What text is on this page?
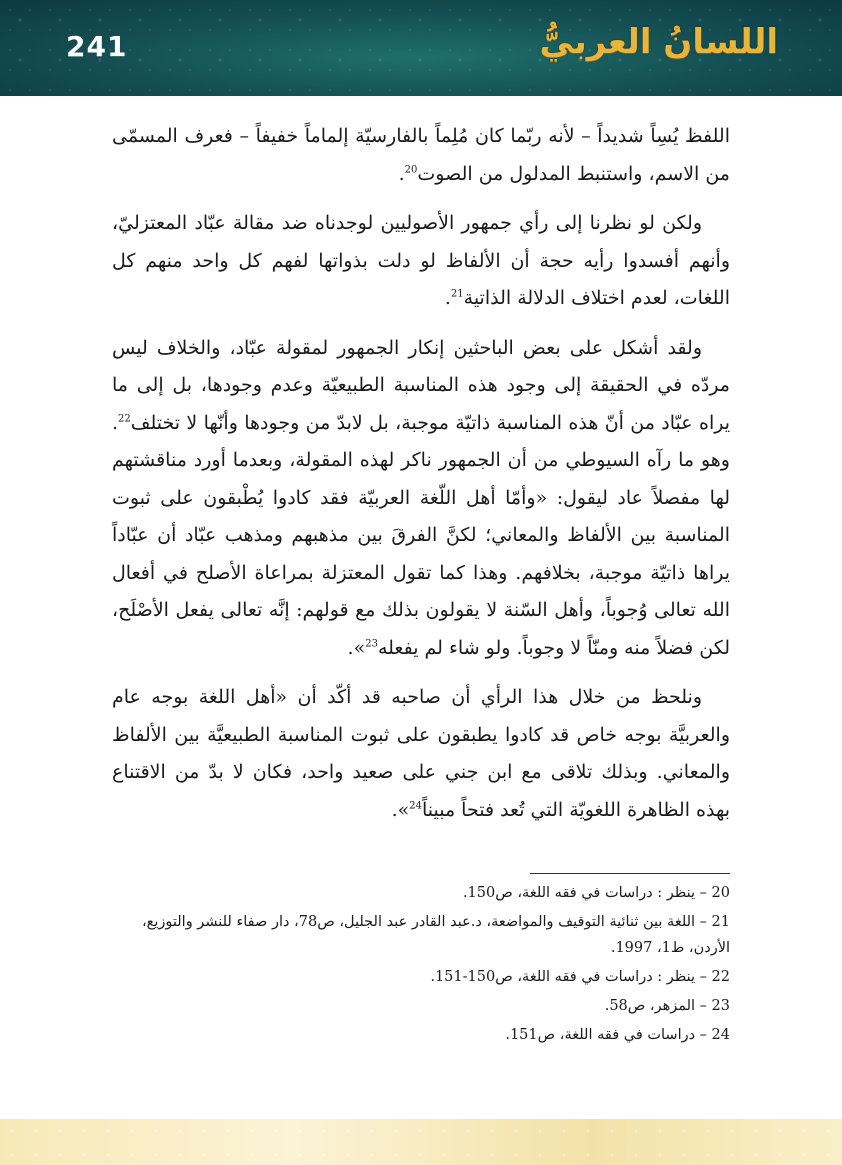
241	اللسانُ العربيُّ

اللفظ يُسِاً شديداً – لأنه ربّما كان مُلِماً بالفارسيّة إلماماً خفيفاً – فعرف المسمّى من الاسم، واستنبط المدلول من الصوت$^{20}$.

ولكن لو نظرنا إلى رأي جمهور الأصوليين لوجدناه ضد مقالة عبّاد المعتزليّ، وأنهم أفسدوا رأيه حجة أن الألفاظ لو دلت بذواتها لفهم كل واحد منهم كل اللغات، لعدم اختلاف الدلالة الذاتية$^{21}$.

ولقد أشكل على بعض الباحثين إنكار الجمهور لمقولة عبّاد، والخلاف ليس مردّه في الحقيقة إلى وجود هذه المناسبة الطبيعيّة وعدم وجودها، بل إلى ما يراه عبّاد من أنّ هذه المناسبة ذاتيّة موجبة، بل لابدّ من وجودها وأنّها لا تختلف$^{22}$. وهو ما رآه السيوطي من أن الجمهور ناكر لهذه المقولة، وبعدما أورد مناقشتهم لها مفصلاً عاد ليقول: «وأمّا أهل اللّغة العربيّة فقد كادوا يُطْبقون على ثبوت المناسبة بين الألفاظ والمعاني؛ لكنَّ الفرقَ بين مذهبهم ومذهب عبّاد أن عبّاداً يراها ذاتيّة موجبة، بخلافهم. وهذا كما تقول المعتزلة بمراعاة الأصلح في أفعال الله تعالى وُجوباً، وأهل السّنة لا يقولون بذلك مع قولهم: إنَّه تعالى يفعل الأصْلَح، لكن فضلاً منه ومنّاً لا وجوباً. ولو شاء لم يفعله$^{23}$».

ونلحظ من خلال هذا الرأي أن صاحبه قد أكّد أن «أهل اللغة بوجه عام والعربيَّة بوجه خاص قد كادوا يطبقون على ثبوت المناسبة الطبيعيَّة بين الألفاظ والمعاني. وبذلك تلاقى مع ابن جني على صعيد واحد، فكان لا بدّ من الاقتناع بهذه الظاهرة اللغويّة التي تُعد فتحاً مبيناً$^{24}$».

20 – ينظر : دراسات في فقه اللغة، ص150.
21 – اللغة بين ثنائية التوقيف والمواضعة، د.عبد القادر عبد الجليل، ص78، دار صفاء للنشر والتوزيع، الأردن، ط1، 1997.
22 – ينظر : دراسات في فقه اللغة، ص150-151.
23 – المزهر، ص58.
24 – دراسات في فقه اللغة، ص151.
